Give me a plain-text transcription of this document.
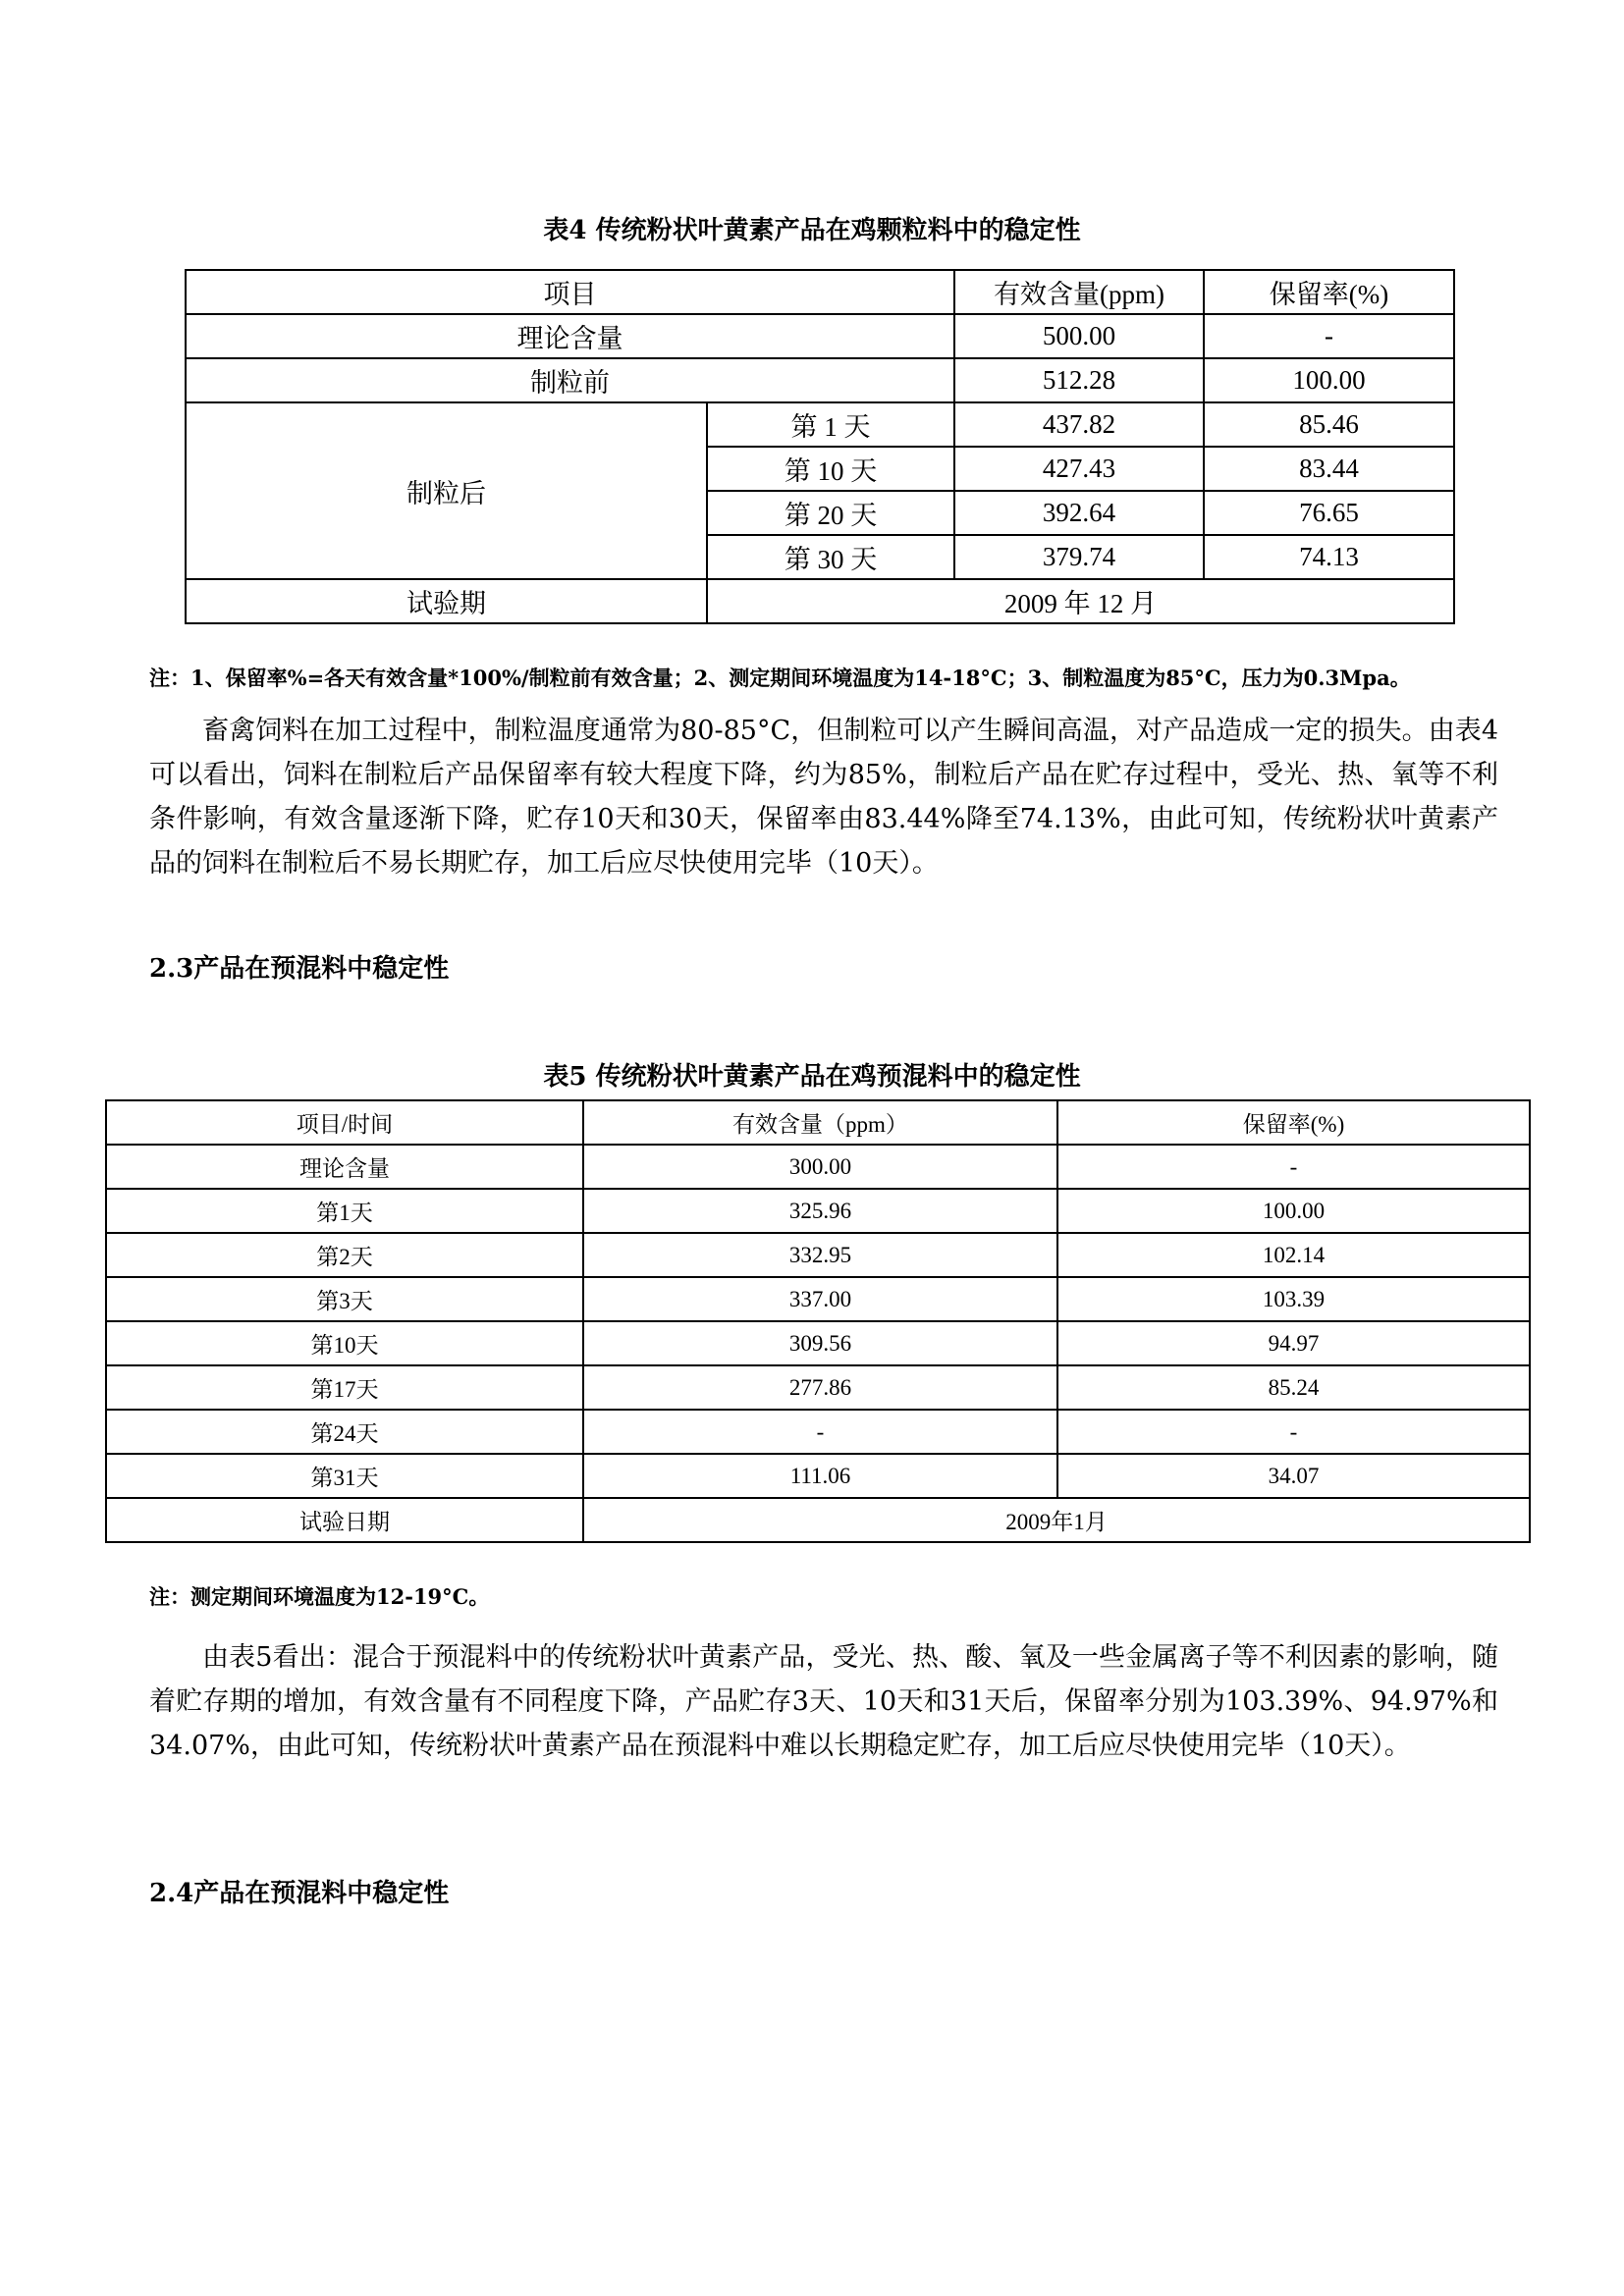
表4 传统粉状叶黄素产品在鸡颗粒料中的稳定性
项目		有效含量(ppm)	保留率(%)
理论含量		500.00	-
制粒前		512.28	100.00
制粒后	第 1 天	437.82	85.46
	第 10 天	427.43	83.44
	第 20 天	392.64	76.65
	第 30 天	379.74	74.13
试验期	2009 年 12 月		
注：1、保留率%=各天有效含量*100%/制粒前有效含量；2、测定期间环境温度为14-18°C；3、制粒温度为85°C，压力为0.3Mpa。

畜禽饲料在加工过程中，制粒温度通常为80-85°C，但制粒可以产生瞬间高温，对产品造成一定的损失。由表4可以看出，饲料在制粒后产品保留率有较大程度下降，约为85%，制粒后产品在贮存过程中，受光、热、氧等不利条件影响，有效含量逐渐下降，贮存10天和30天，保留率由83.44%降至74.13%，由此可知，传统粉状叶黄素产品的饲料在制粒后不易长期贮存，加工后应尽快使用完毕（10天）。

2.3产品在预混料中稳定性
表5 传统粉状叶黄素产品在鸡预混料中的稳定性
项目/时间	有效含量（ppm）	保留率(%)
理论含量	300.00	-
第1天	325.96	100.00
第2天	332.95	102.14
第3天	337.00	103.39
第10天	309.56	94.97
第17天	277.86	85.24
第24天	-	-
第31天	111.06	34.07
试验日期	2009年1月	
注：测定期间环境温度为12-19°C。

由表5看出：混合于预混料中的传统粉状叶黄素产品，受光、热、酸、氧及一些金属离子等不利因素的影响，随着贮存期的增加，有效含量有不同程度下降，产品贮存3天、10天和31天后，保留率分别为103.39%、94.97%和34.07%，由此可知，传统粉状叶黄素产品在预混料中难以长期稳定贮存，加工后应尽快使用完毕（10天）。

2.4产品在预混料中稳定性
